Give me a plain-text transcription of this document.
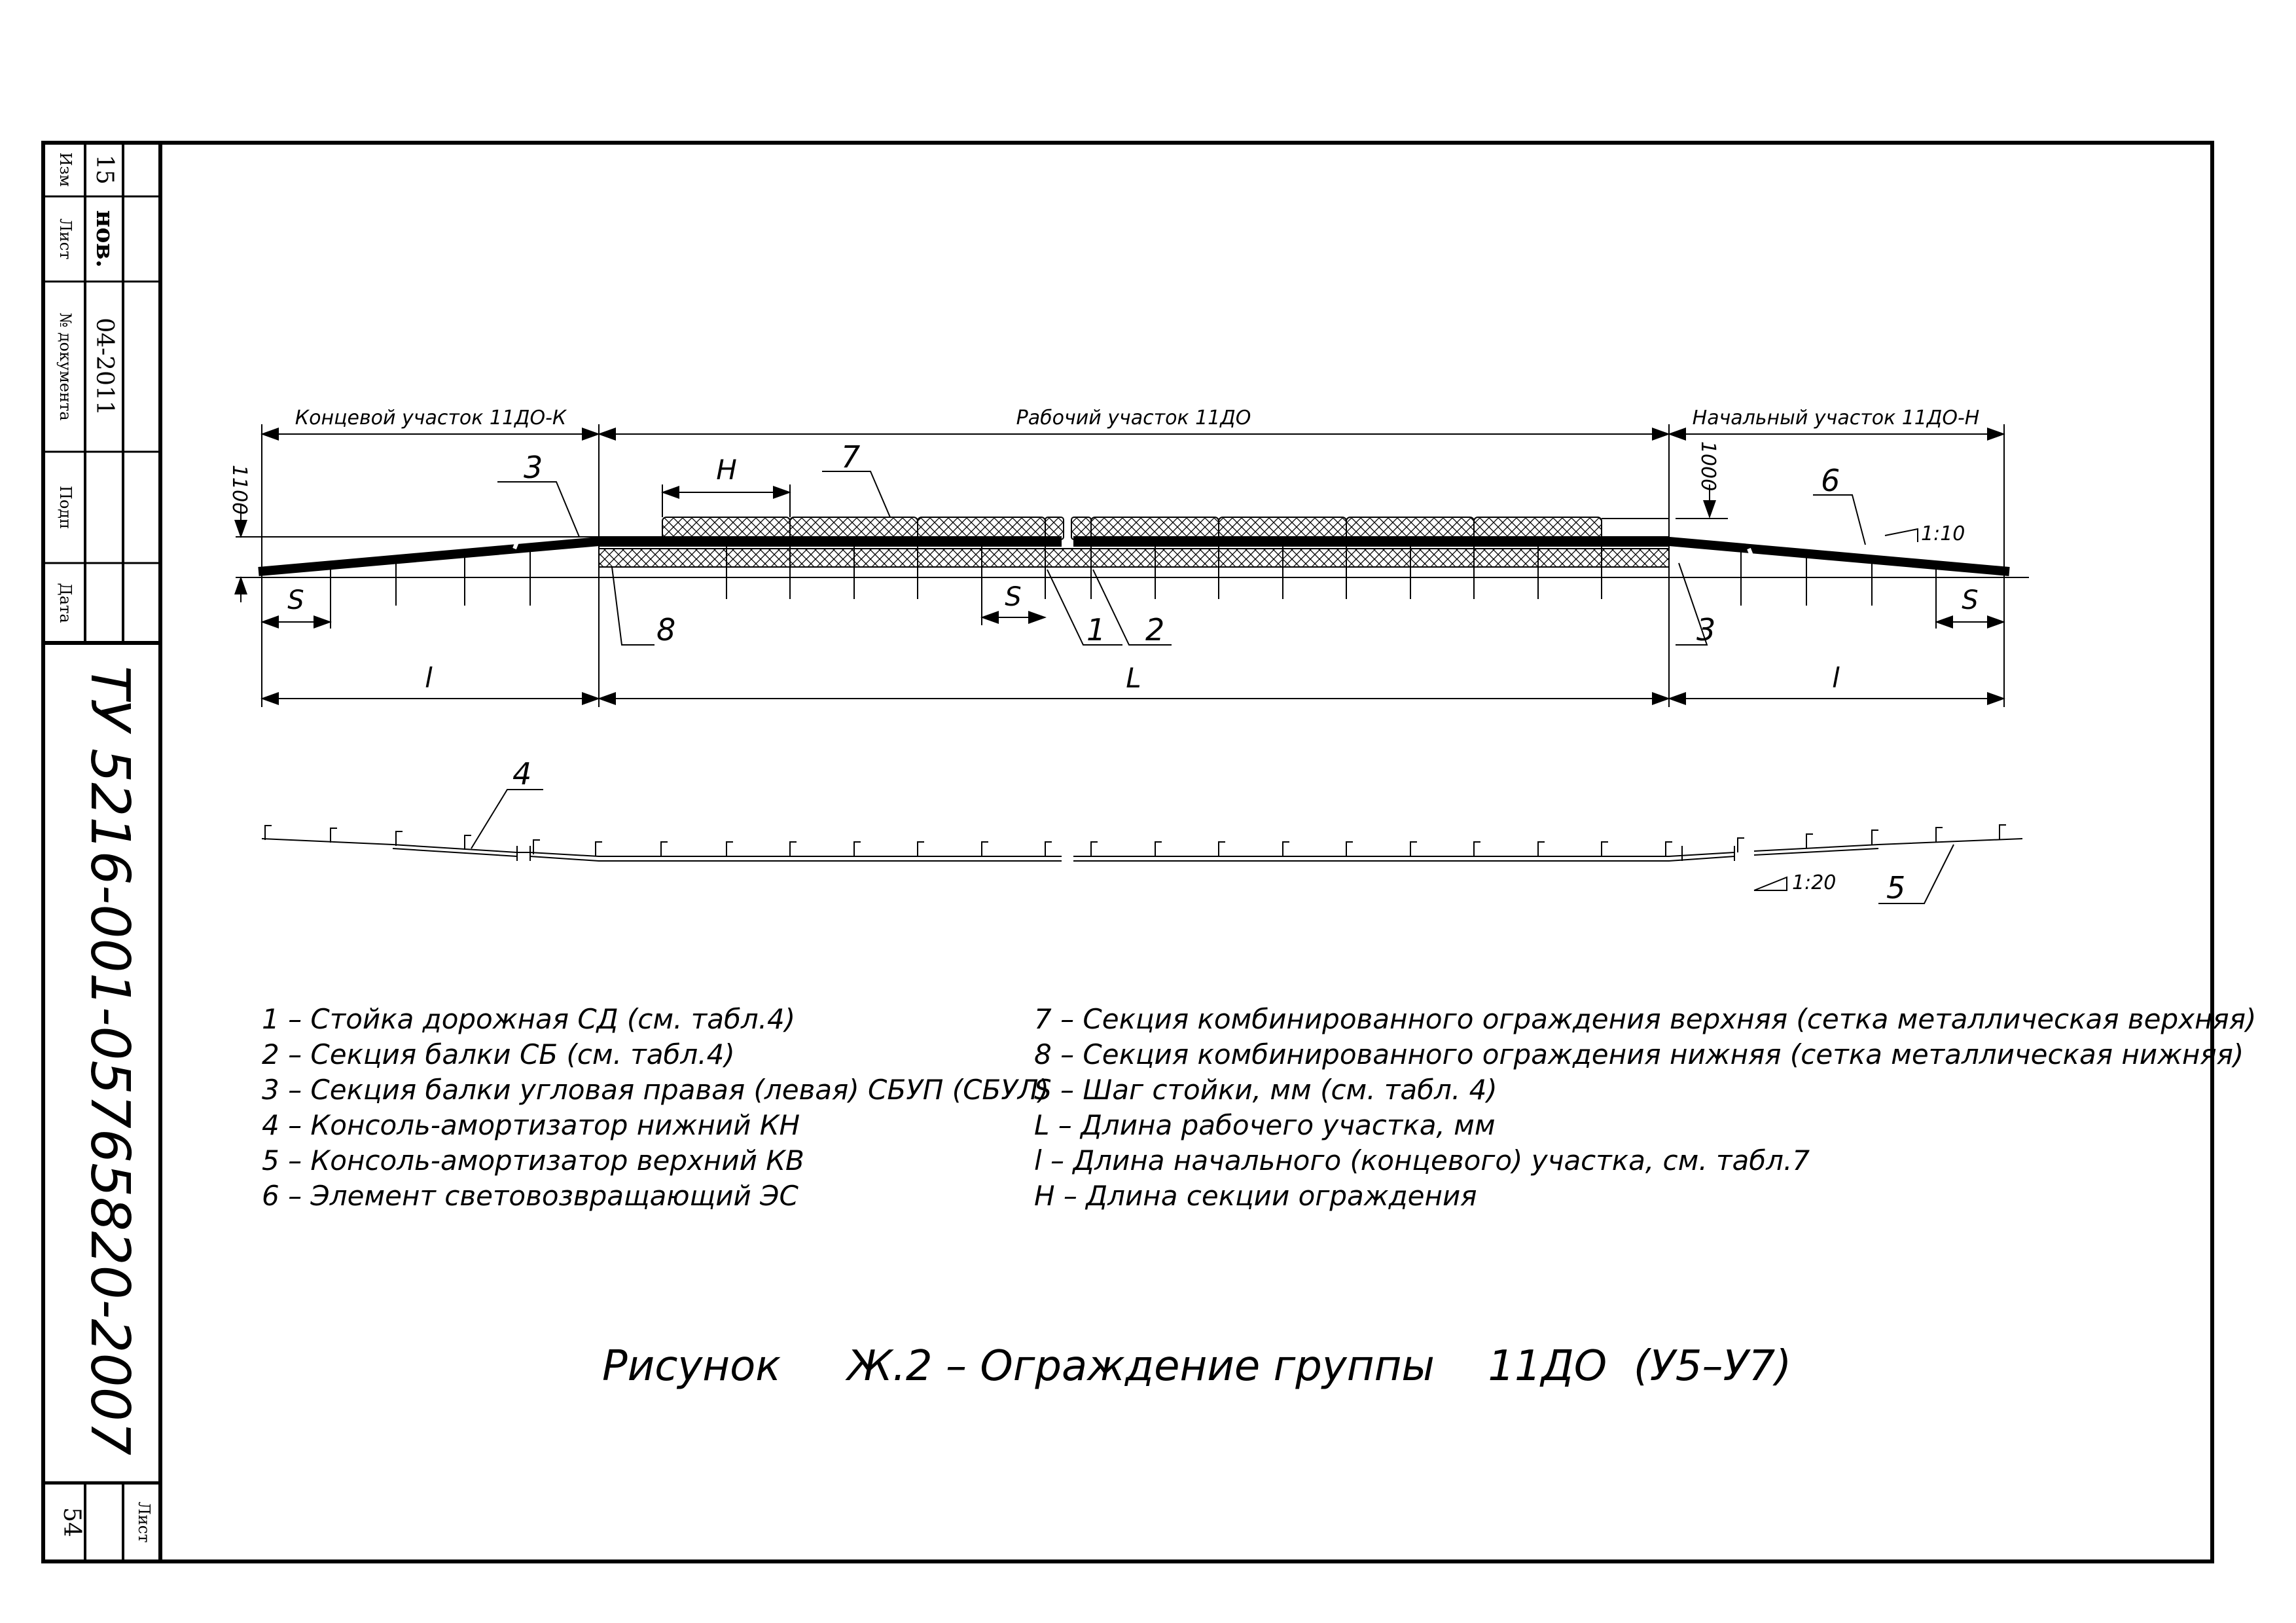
Изм
Лист
№ документа
Подп
Дата
15
нов.
04-2011
ТУ 5216-001-05765820-2007
54	Лист
Концевой участок 11ДО-К	Рабочий участок 11ДО	Начальный участок 11ДО-Н
1100	1000
1:10
H
S	S	S
l	L	l
3	7
8	1 2	3
6
4
5
1:20
1 – Стойка дорожная СД (см. табл.4)
2 – Секция балки СБ (см. табл.4)
3 – Секция балки угловая правая (левая) СБУП (СБУЛ)
4 – Консоль-амортизатор нижний КН
5 – Консоль-амортизатор верхний КВ
6 – Элемент световозвращающий ЭС
7 – Секция комбинированного ограждения верхняя (сетка металлическая верхняя)
8 – Секция комбинированного ограждения нижняя (сетка металлическая нижняя)
S – Шаг стойки, мм (см. табл. 4)
L – Длина рабочего участка, мм
l – Длина начального (концевого) участка, см. табл.7
H – Длина секции ограждения
Рисунок     Ж.2 – Ограждение группы    11ДО  (У5–У7)
